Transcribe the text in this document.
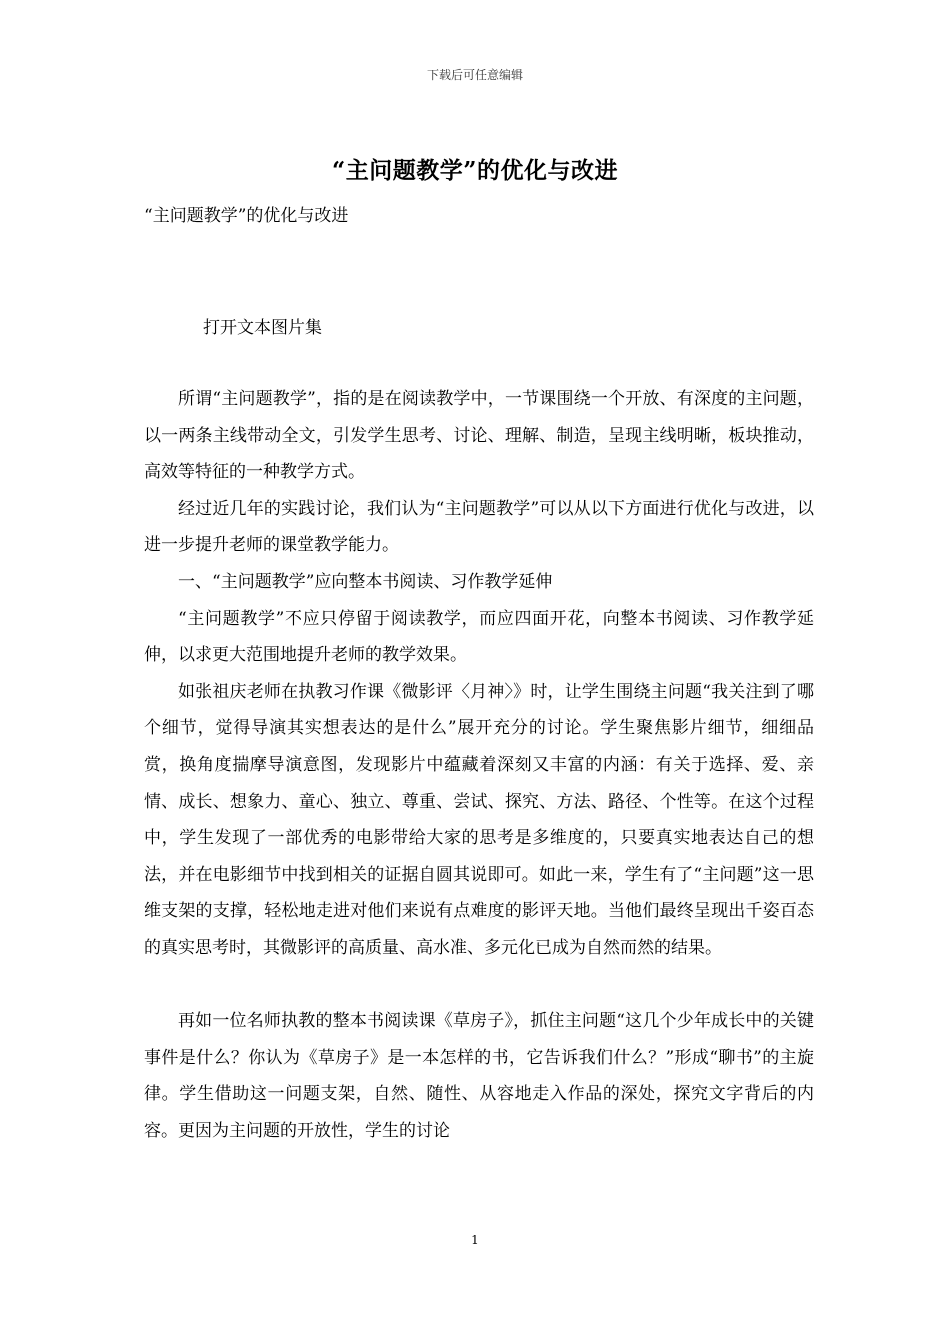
下载后可任意编辑
“主问题教学”的优化与改进
“主问题教学”的优化与改进
打开文本图片集

所谓“主问题教学”，指的是在阅读教学中，一节课围绕一个开放、有深度的主问题，以一两条主线带动全文，引发学生思考、讨论、理解、制造，呈现主线明晰，板块推动，高效等特征的一种教学方式。

经过近几年的实践讨论，我们认为“主问题教学”可以从以下方面进行优化与改进，以进一步提升老师的课堂教学能力。

一、“主问题教学”应向整本书阅读、习作教学延伸

“主问题教学”不应只停留于阅读教学，而应四面开花，向整本书阅读、习作教学延伸，以求更大范围地提升老师的教学效果。

如张祖庆老师在执教习作课《微影评〈月神〉》时，让学生围绕主问题“我关注到了哪个细节，觉得导演其实想表达的是什么”展开充分的讨论。学生聚焦影片细节，细细品赏，换角度揣摩导演意图，发现影片中蕴藏着深刻又丰富的内涵：有关于选择、爱、亲情、成长、想象力、童心、独立、尊重、尝试、探究、方法、路径、个性等。在这个过程中，学生发现了一部优秀的电影带给大家的思考是多维度的，只要真实地表达自己的想法，并在电影细节中找到相关的证据自圆其说即可。如此一来，学生有了“主问题”这一思维支架的支撑，轻松地走进对他们来说有点难度的影评天地。当他们最终呈现出千姿百态的真实思考时，其微影评的高质量、高水准、多元化已成为自然而然的结果。

再如一位名师执教的整本书阅读课《草房子》，抓住主问题“这几个少年成长中的关键事件是什么？你认为《草房子》是一本怎样的书，它告诉我们什么？”形成“聊书”的主旋律。学生借助这一问题支架，自然、随性、从容地走入作品的深处，探究文字背后的内容。更因为主问题的开放性，学生的讨论

1
